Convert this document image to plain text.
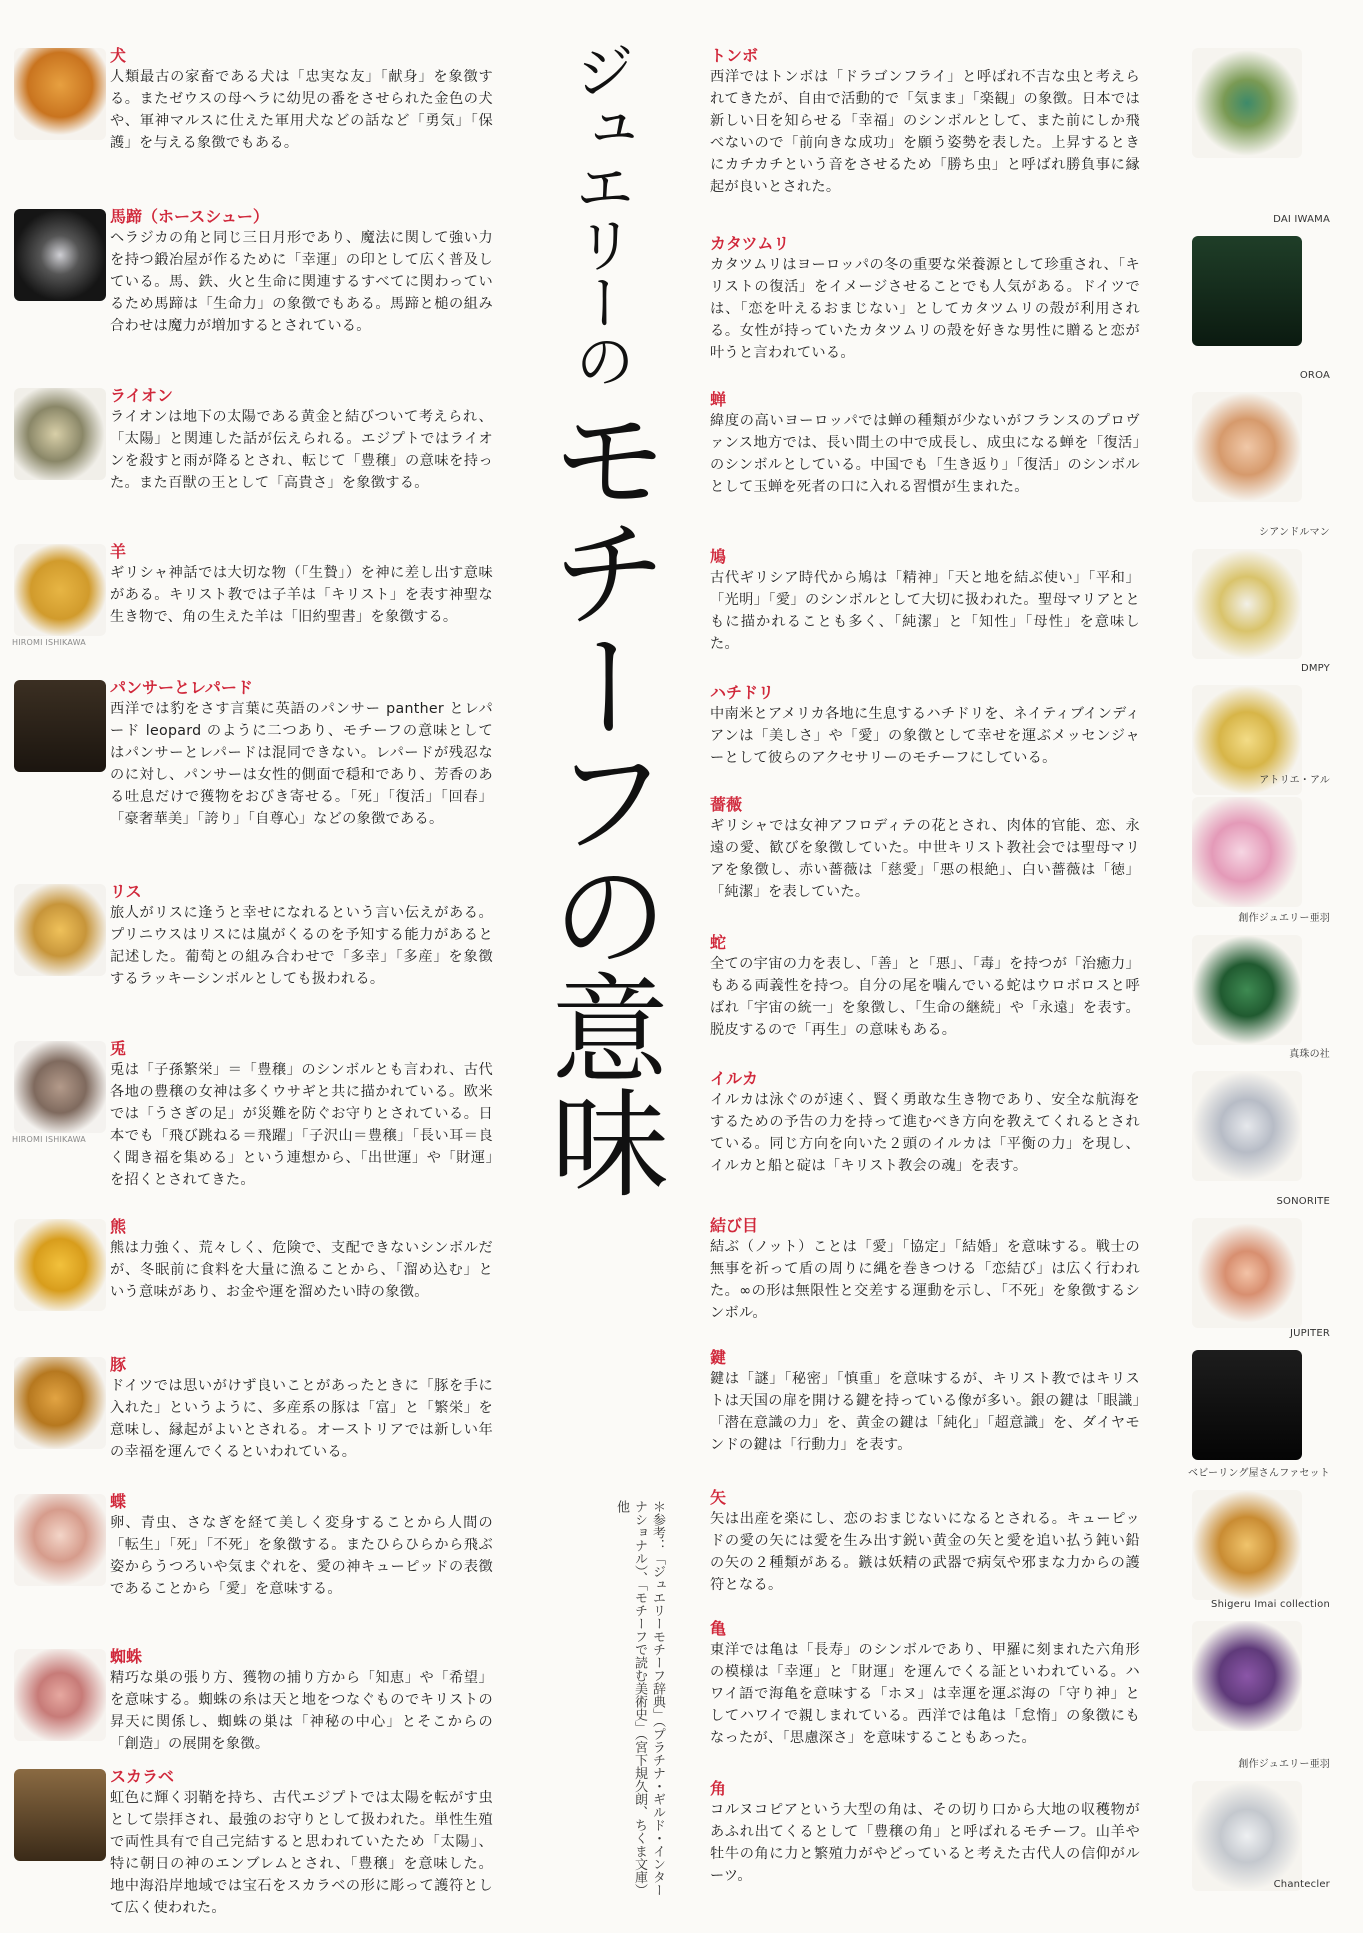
犬
人類最古の家畜である犬は「忠実な友」「献身」を象徴する。またゼウスの母ヘラに幼児の番をさせられた金色の犬や、軍神マルスに仕えた軍用犬などの話など「勇気」「保護」を与える象徴でもある。
馬蹄（ホースシュー）
ヘラジカの角と同じ三日月形であり、魔法に関して強い力を持つ鍛冶屋が作るために「幸運」の印として広く普及している。馬、鉄、火と生命に関連するすべてに関わっているため馬蹄は「生命力」の象徴でもある。馬蹄と槌の組み合わせは魔力が増加するとされている。
ライオン
ライオンは地下の太陽である黄金と結びついて考えられ、「太陽」と関連した話が伝えられる。エジプトではライオンを殺すと雨が降るとされ、転じて「豊穣」の意味を持った。また百獣の王として「高貴さ」を象徴する。
HIROMI ISHIKAWA
羊
ギリシャ神話では大切な物（「生贄」）を神に差し出す意味がある。キリスト教では子羊は「キリスト」を表す神聖な生き物で、角の生えた羊は「旧約聖書」を象徴する。
パンサーとレパード
西洋では豹をさす言葉に英語のパンサー panther とレパード leopard のように二つあり、モチーフの意味としてはパンサーとレパードは混同できない。レパードが残忍なのに対し、パンサーは女性的側面で穏和であり、芳香のある吐息だけで獲物をおびき寄せる。「死」「復活」「回春」「豪奢華美」「誇り」「自尊心」などの象徴である。
リス
旅人がリスに逢うと幸せになれるという言い伝えがある。プリニウスはリスには嵐がくるのを予知する能力があると記述した。葡萄との組み合わせで「多幸」「多産」を象徴するラッキーシンボルとしても扱われる。
HIROMI ISHIKAWA
兎
兎は「子孫繁栄」＝「豊穣」のシンボルとも言われ、古代各地の豊穣の女神は多くウサギと共に描かれている。欧米では「うさぎの足」が災難を防ぐお守りとされている。日本でも「飛び跳ねる＝飛躍」「子沢山＝豊穣」「長い耳＝良く聞き福を集める」という連想から、「出世運」や「財運」を招くとされてきた。
熊
熊は力強く、荒々しく、危険で、支配できないシンボルだが、冬眠前に食料を大量に漁ることから、「溜め込む」という意味があり、お金や運を溜めたい時の象徴。
豚
ドイツでは思いがけず良いことがあったときに「豚を手に入れた」というように、多産系の豚は「富」と「繁栄」を意味し、縁起がよいとされる。オーストリアでは新しい年の幸福を運んでくるといわれている。
蝶
卵、青虫、さなぎを経て美しく変身することから人間の「転生」「死」「不死」を象徴する。またひらひらから飛ぶ姿からうつろいや気まぐれを、愛の神キューピッドの表徴であることから「愛」を意味する。
蜘蛛
精巧な巣の張り方、獲物の捕り方から「知恵」や「希望」を意味する。蜘蛛の糸は天と地をつなぐものでキリストの昇天に関係し、蜘蛛の巣は「神秘の中心」とそこからの「創造」の展開を象徴。
スカラベ
虹色に輝く羽鞘を持ち、古代エジプトでは太陽を転がす虫として崇拝され、最強のお守りとして扱われた。単性生殖で両性具有で自己完結すると思われていたため「太陽」、特に朝日の神のエンブレムとされ、「豊穣」を意味した。地中海沿岸地域では宝石をスカラベの形に彫って護符として広く使われた。
ジュエリーの
モチーフの意味
＊参考：「ジュエリーモチーフ辞典」（プラチナ・ギルド・インターナショナル）、「モチーフで読む美術史」（宮下規久朗、ちくま文庫）他
トンボ
西洋ではトンボは「ドラゴンフライ」と呼ばれ不吉な虫と考えられてきたが、自由で活動的で「気まま」「楽観」の象徴。日本では新しい日を知らせる「幸福」のシンボルとして、また前にしか飛べないので「前向きな成功」を願う姿勢を表した。上昇するときにカチカチという音をさせるため「勝ち虫」と呼ばれ勝負事に縁起が良いとされた。
DAI IWAMA
カタツムリ
カタツムリはヨーロッパの冬の重要な栄養源として珍重され、「キリストの復活」をイメージさせることでも人気がある。ドイツでは、「恋を叶えるおまじない」としてカタツムリの殻が利用される。女性が持っていたカタツムリの殻を好きな男性に贈ると恋が叶うと言われている。
OROA
蝉
緯度の高いヨーロッパでは蝉の種類が少ないがフランスのプロヴァンス地方では、長い間土の中で成長し、成虫になる蝉を「復活」のシンボルとしている。中国でも「生き返り」「復活」のシンボルとして玉蝉を死者の口に入れる習慣が生まれた。
シアンドルマン
鳩
古代ギリシア時代から鳩は「精神」「天と地を結ぶ使い」「平和」「光明」「愛」のシンボルとして大切に扱われた。聖母マリアとともに描かれることも多く、「純潔」と「知性」「母性」を意味した。
DMPY
ハチドリ
中南米とアメリカ各地に生息するハチドリを、ネイティブインディアンは「美しさ」や「愛」の象徴として幸せを運ぶメッセンジャーとして彼らのアクセサリーのモチーフにしている。
アトリエ・アル
薔薇
ギリシャでは女神アフロディテの花とされ、肉体的官能、恋、永遠の愛、歓びを象徴していた。中世キリスト教社会では聖母マリアを象徴し、赤い薔薇は「慈愛」「悪の根絶」、白い薔薇は「徳」「純潔」を表していた。
創作ジュエリー亜羽
蛇
全ての宇宙の力を表し、「善」と「悪」、「毒」を持つが「治癒力」もある両義性を持つ。自分の尾を噛んでいる蛇はウロボロスと呼ばれ「宇宙の統一」を象徴し、「生命の継続」や「永遠」を表す。脱皮するので「再生」の意味もある。
真珠の社
イルカ
イルカは泳ぐのが速く、賢く勇敢な生き物であり、安全な航海をするための予告の力を持って進むべき方向を教えてくれるとされている。同じ方向を向いた２頭のイルカは「平衡の力」を現し、イルカと船と碇は「キリスト教会の魂」を表す。
SONORITE
結び目
結ぶ（ノット）ことは「愛」「協定」「結婚」を意味する。戦士の無事を祈って盾の周りに縄を巻きつける「恋結び」は広く行われた。∞の形は無限性と交差する運動を示し、「不死」を象徴するシンボル。
JUPITER
鍵
鍵は「謎」「秘密」「慎重」を意味するが、キリスト教ではキリストは天国の扉を開ける鍵を持っている像が多い。銀の鍵は「眼識」「潜在意識の力」を、黄金の鍵は「純化」「超意識」を、ダイヤモンドの鍵は「行動力」を表す。
ベビーリング屋さんファセット
矢
矢は出産を楽にし、恋のおまじないになるとされる。キューピッドの愛の矢には愛を生み出す鋭い黄金の矢と愛を追い払う鈍い鉛の矢の２種類がある。鏃は妖精の武器で病気や邪まな力からの護符となる。
Shigeru Imai collection
亀
東洋では亀は「長寿」のシンボルであり、甲羅に刻まれた六角形の模様は「幸運」と「財運」を運んでくる証といわれている。ハワイ語で海亀を意味する「ホヌ」は幸運を運ぶ海の「守り神」としてハワイで親しまれている。西洋では亀は「怠惰」の象徴にもなったが、「思慮深さ」を意味することもあった。
創作ジュエリー亜羽
角
コルヌコピアという大型の角は、その切り口から大地の収穫物があふれ出てくるとして「豊穣の角」と呼ばれるモチーフ。山羊や牡牛の角に力と繁殖力がやどっていると考えた古代人の信仰がルーツ。
Chantecler
